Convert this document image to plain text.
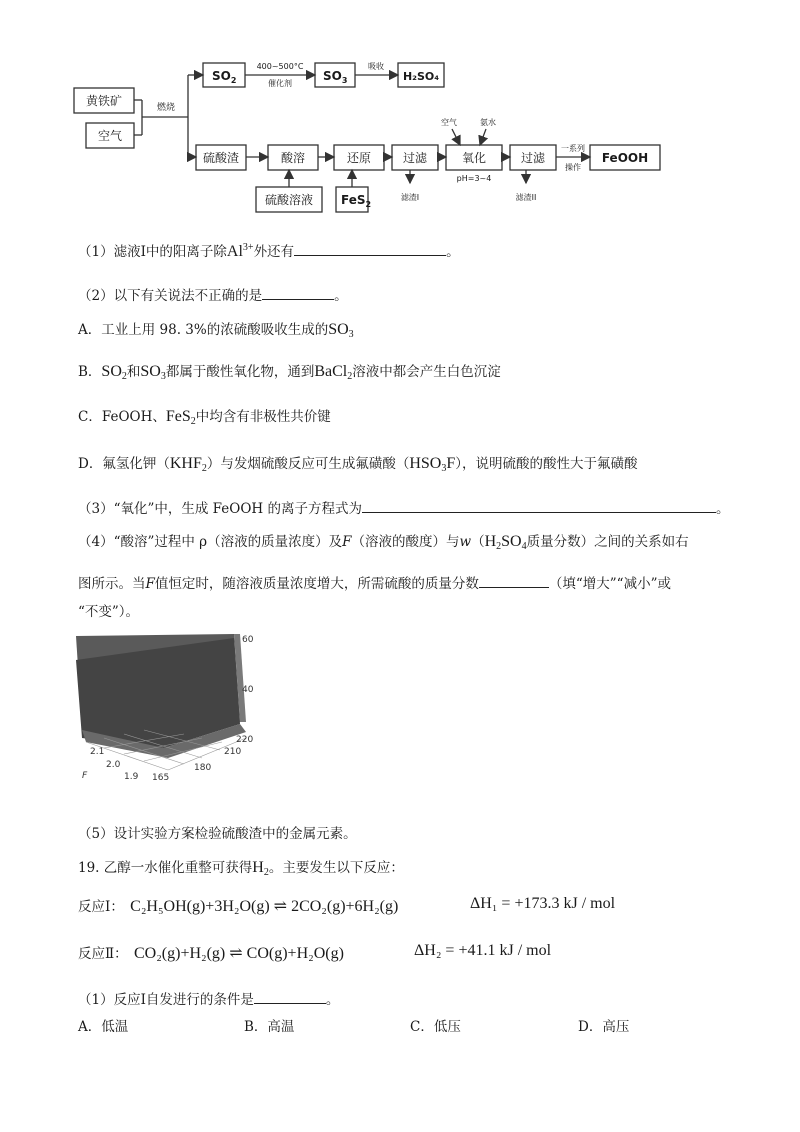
黄铁矿
空气
燃烧
$SO_2$
400~500°C
催化剂
$SO_3$
吸收
H₂SO₄
硫酸渣	酸溶	还原	过滤	氧化	过滤	FeOOH
硫酸溶液 FeS$_2$
滤渣I
空气	氨水
pH=3~4
滤渣II
一系列
操作
（1）滤液Ⅰ中的阳离子除$Al^{3+}$外还有	。
（2）以下有关说法不正确的是	。
A．工业上用 98. 3%的浓硫酸吸收生成的$SO_3$
B．$SO_2$和$SO_3$都属于酸性氧化物，通到BaCl$_2$溶液中都会产生白色沉淀
C．FeOOH、FeS$_2$中均含有非极性共价键
D．氟氢化钾$(KHF_2)$与发烟硫酸反应可生成氟磺酸$(HSO_3F)$，说明硫酸的酸性大于氟磺酸
（3）“氧化”中，生成 FeOOH 的离子方程式为	。
（4）“酸溶”过程中 ρ（溶液的质量浓度）及F（溶液的酸度）与$w(H_2SO_4$质量分数）之间的关系如右
图所示。当F值恒定时，随溶液质量浓度增大，所需硫酸的质量分数	（填“增大”“减小”或
“不变”）。
60
40
2.1
2.0
1.9
F	165
180
210
220
（5）设计实验方案检验硫酸渣中的金属元素。
19. 乙醇一水催化重整可获得$H_2$。主要发生以下反应：
反应Ⅰ： C₂H₅OH(g)+3H₂O(g) ⇌ 2CO₂(g)+6H₂(g)	ΔH₁ = +173.3 kJ / mol
反应Ⅱ： CO₂(g)+H₂(g) ⇌ CO(g)+H₂O(g)	ΔH₂ = +41.1 kJ / mol
（1）反应Ⅰ自发进行的条件是	。
A．低温	B．高温	C．低压	D．高压
